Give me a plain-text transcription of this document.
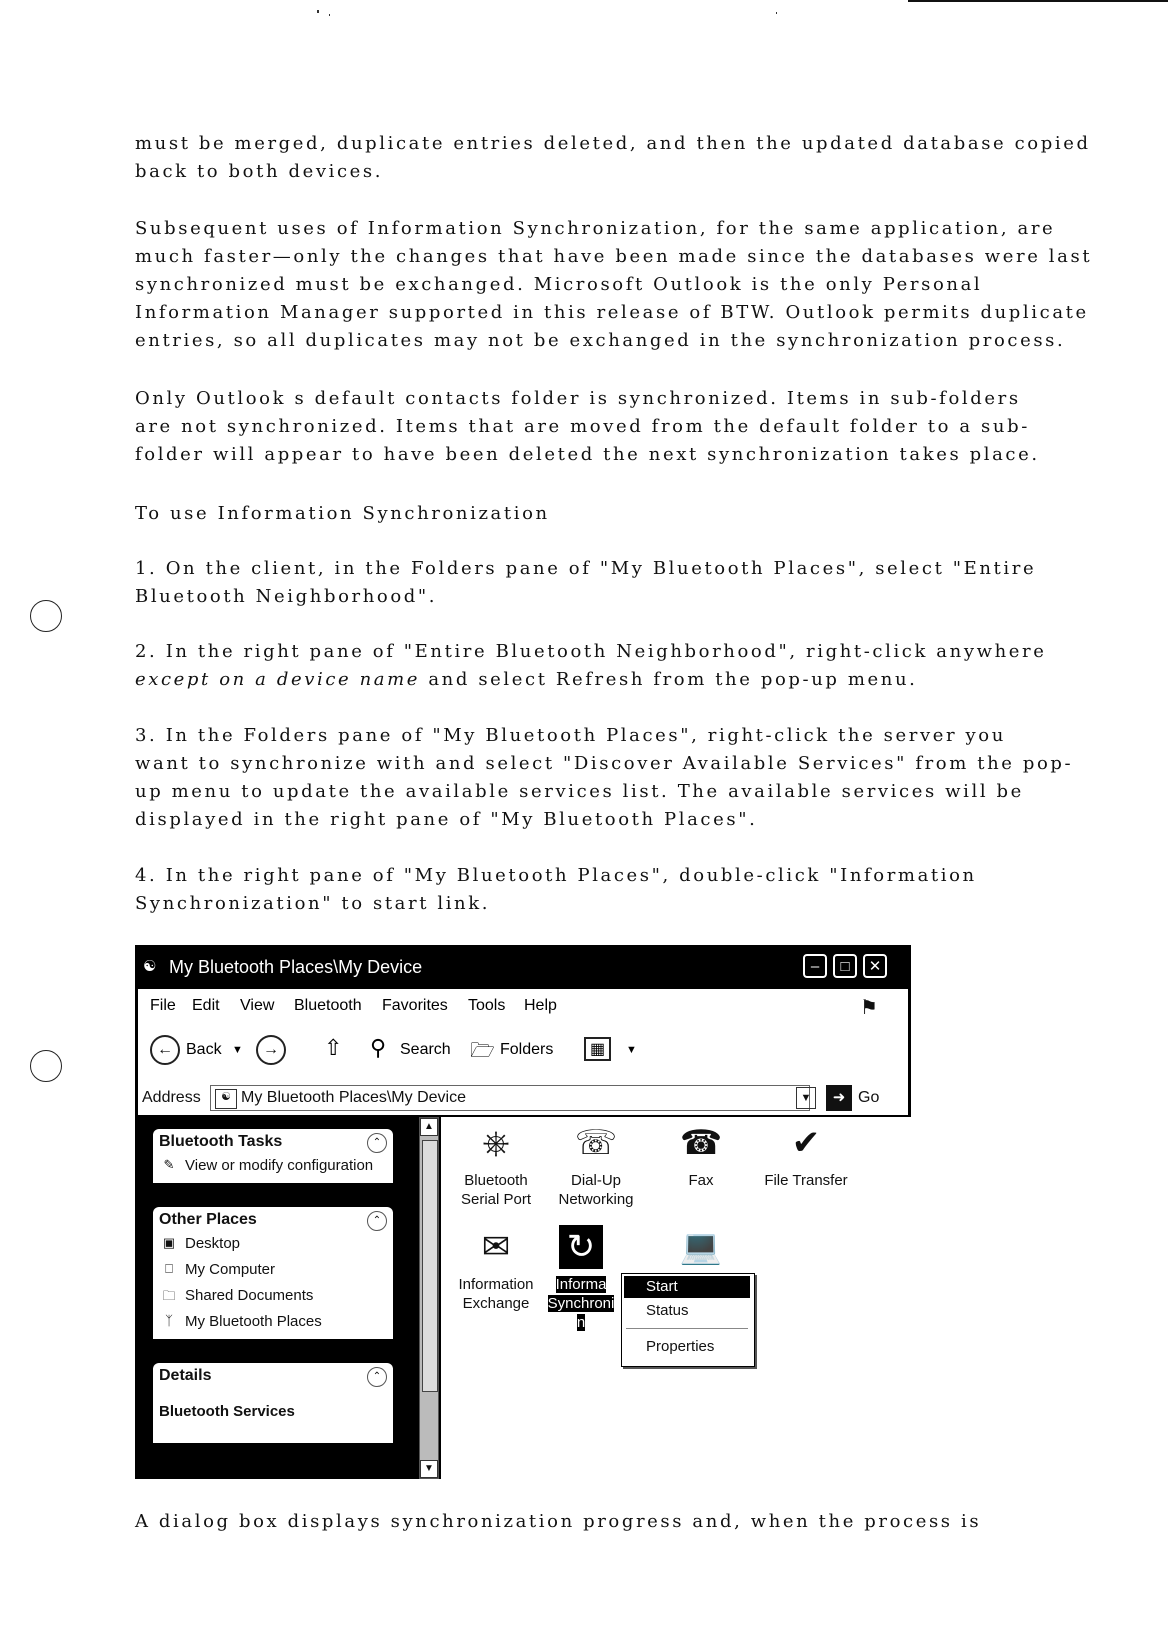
must be merged, duplicate entries deleted, and then the updated database copied
back to both devices.
Subsequent uses of Information Synchronization, for the same application, are
much faster—only the changes that have been made since the databases were last
synchronized must be exchanged. Microsoft Outlook is the only Personal
Information Manager supported in this release of BTW. Outlook permits duplicate
entries, so all duplicates may not be exchanged in the synchronization process.
Only Outlook s default contacts folder is synchronized. Items in sub-folders
are not synchronized. Items that are moved from the default folder to a sub-
folder will appear to have been deleted the next synchronization takes place.
To use Information Synchronization
1. On the client, in the Folders pane of "My Bluetooth Places", select "Entire
Bluetooth Neighborhood".
2. In the right pane of "Entire Bluetooth Neighborhood", right-click anywhere
except on a device name and select Refresh from the pop-up menu.
3. In the Folders pane of "My Bluetooth Places", right-click the server you
want to synchronize with and select "Discover Available Services" from the pop-
up menu to update the available services list. The available services will be
displayed in the right pane of "My Bluetooth Places".
4. In the right pane of "My Bluetooth Places", double-click "Information
Synchronization" to start link.
☯ My Bluetooth Places\My Device	–	□	✕
File Edit View Bluetooth Favorites Tools Help	⚑
← Back ▼	→	⇧ ⚲ Search 🗁 Folders	▦	▼
Address	☯ My Bluetooth Places\My Device	▼	➜ Go
Bluetooth Tasks	⌃
✎ View or modify configuration
Other Places	⌃
▣ Desktop
⎕ My Computer
🗀 Shared Documents
ᛉ My Bluetooth Places
Details	⌃
Bluetooth Services
▲
▼
⎈
Bluetooth
Serial Port
☏
Dial-Up
Networking
☎
Fax
✔
File Transfer
✉
Information
Exchange
↻
Informa
Synchroni
n
💻
Start
Status
Properties
A dialog box displays synchronization progress and, when the process is
